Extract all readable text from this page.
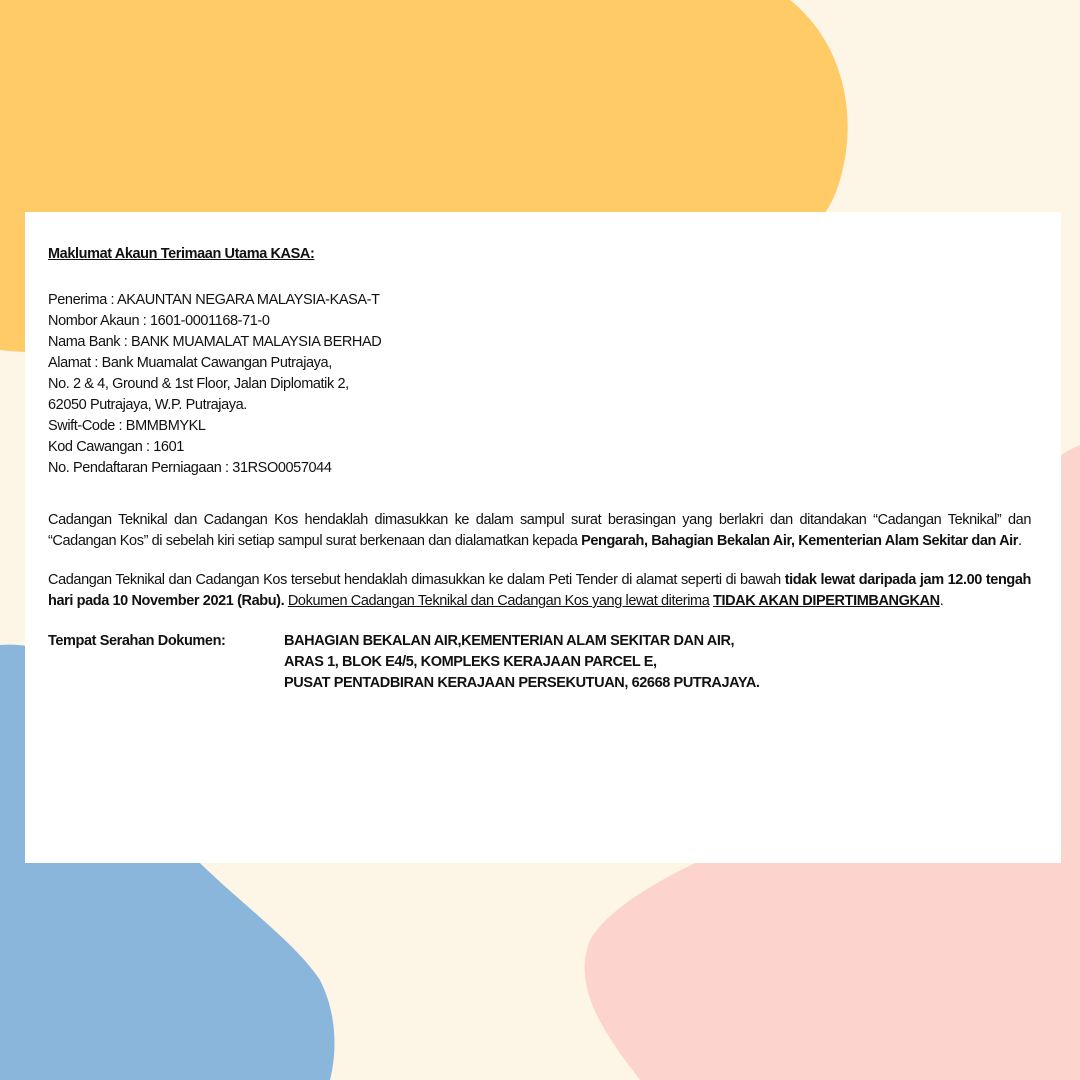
Maklumat Akaun Terimaan Utama KASA:
Penerima : AKAUNTAN NEGARA MALAYSIA-KASA-T
Nombor Akaun : 1601-0001168-71-0
Nama Bank : BANK MUAMALAT MALAYSIA BERHAD
Alamat : Bank Muamalat Cawangan Putrajaya,
No. 2 & 4, Ground & 1st Floor, Jalan Diplomatik 2,
62050 Putrajaya, W.P. Putrajaya.
Swift-Code : BMMBMYKL
Kod Cawangan : 1601
No. Pendaftaran Perniagaan : 31RSO0057044

Cadangan Teknikal dan Cadangan Kos hendaklah dimasukkan ke dalam sampul surat berasingan yang berlakri dan ditandakan “Cadangan Teknikal” dan “Cadangan Kos” di sebelah kiri setiap sampul surat berkenaan dan dialamatkan kepada Pengarah, Bahagian Bekalan Air, Kementerian Alam Sekitar dan Air.

Cadangan Teknikal dan Cadangan Kos tersebut hendaklah dimasukkan ke dalam Peti Tender di alamat seperti di bawah tidak lewat daripada jam 12.00 tengah hari pada 10 November 2021 (Rabu). Dokumen Cadangan Teknikal dan Cadangan Kos yang lewat diterima TIDAK AKAN DIPERTIMBANGKAN.

Tempat Serahan Dokumen:	BAHAGIAN BEKALAN AIR,KEMENTERIAN ALAM SEKITAR DAN AIR,
ARAS 1, BLOK E4/5, KOMPLEKS KERAJAAN PARCEL E,
PUSAT PENTADBIRAN KERAJAAN PERSEKUTUAN, 62668 PUTRAJAYA.
